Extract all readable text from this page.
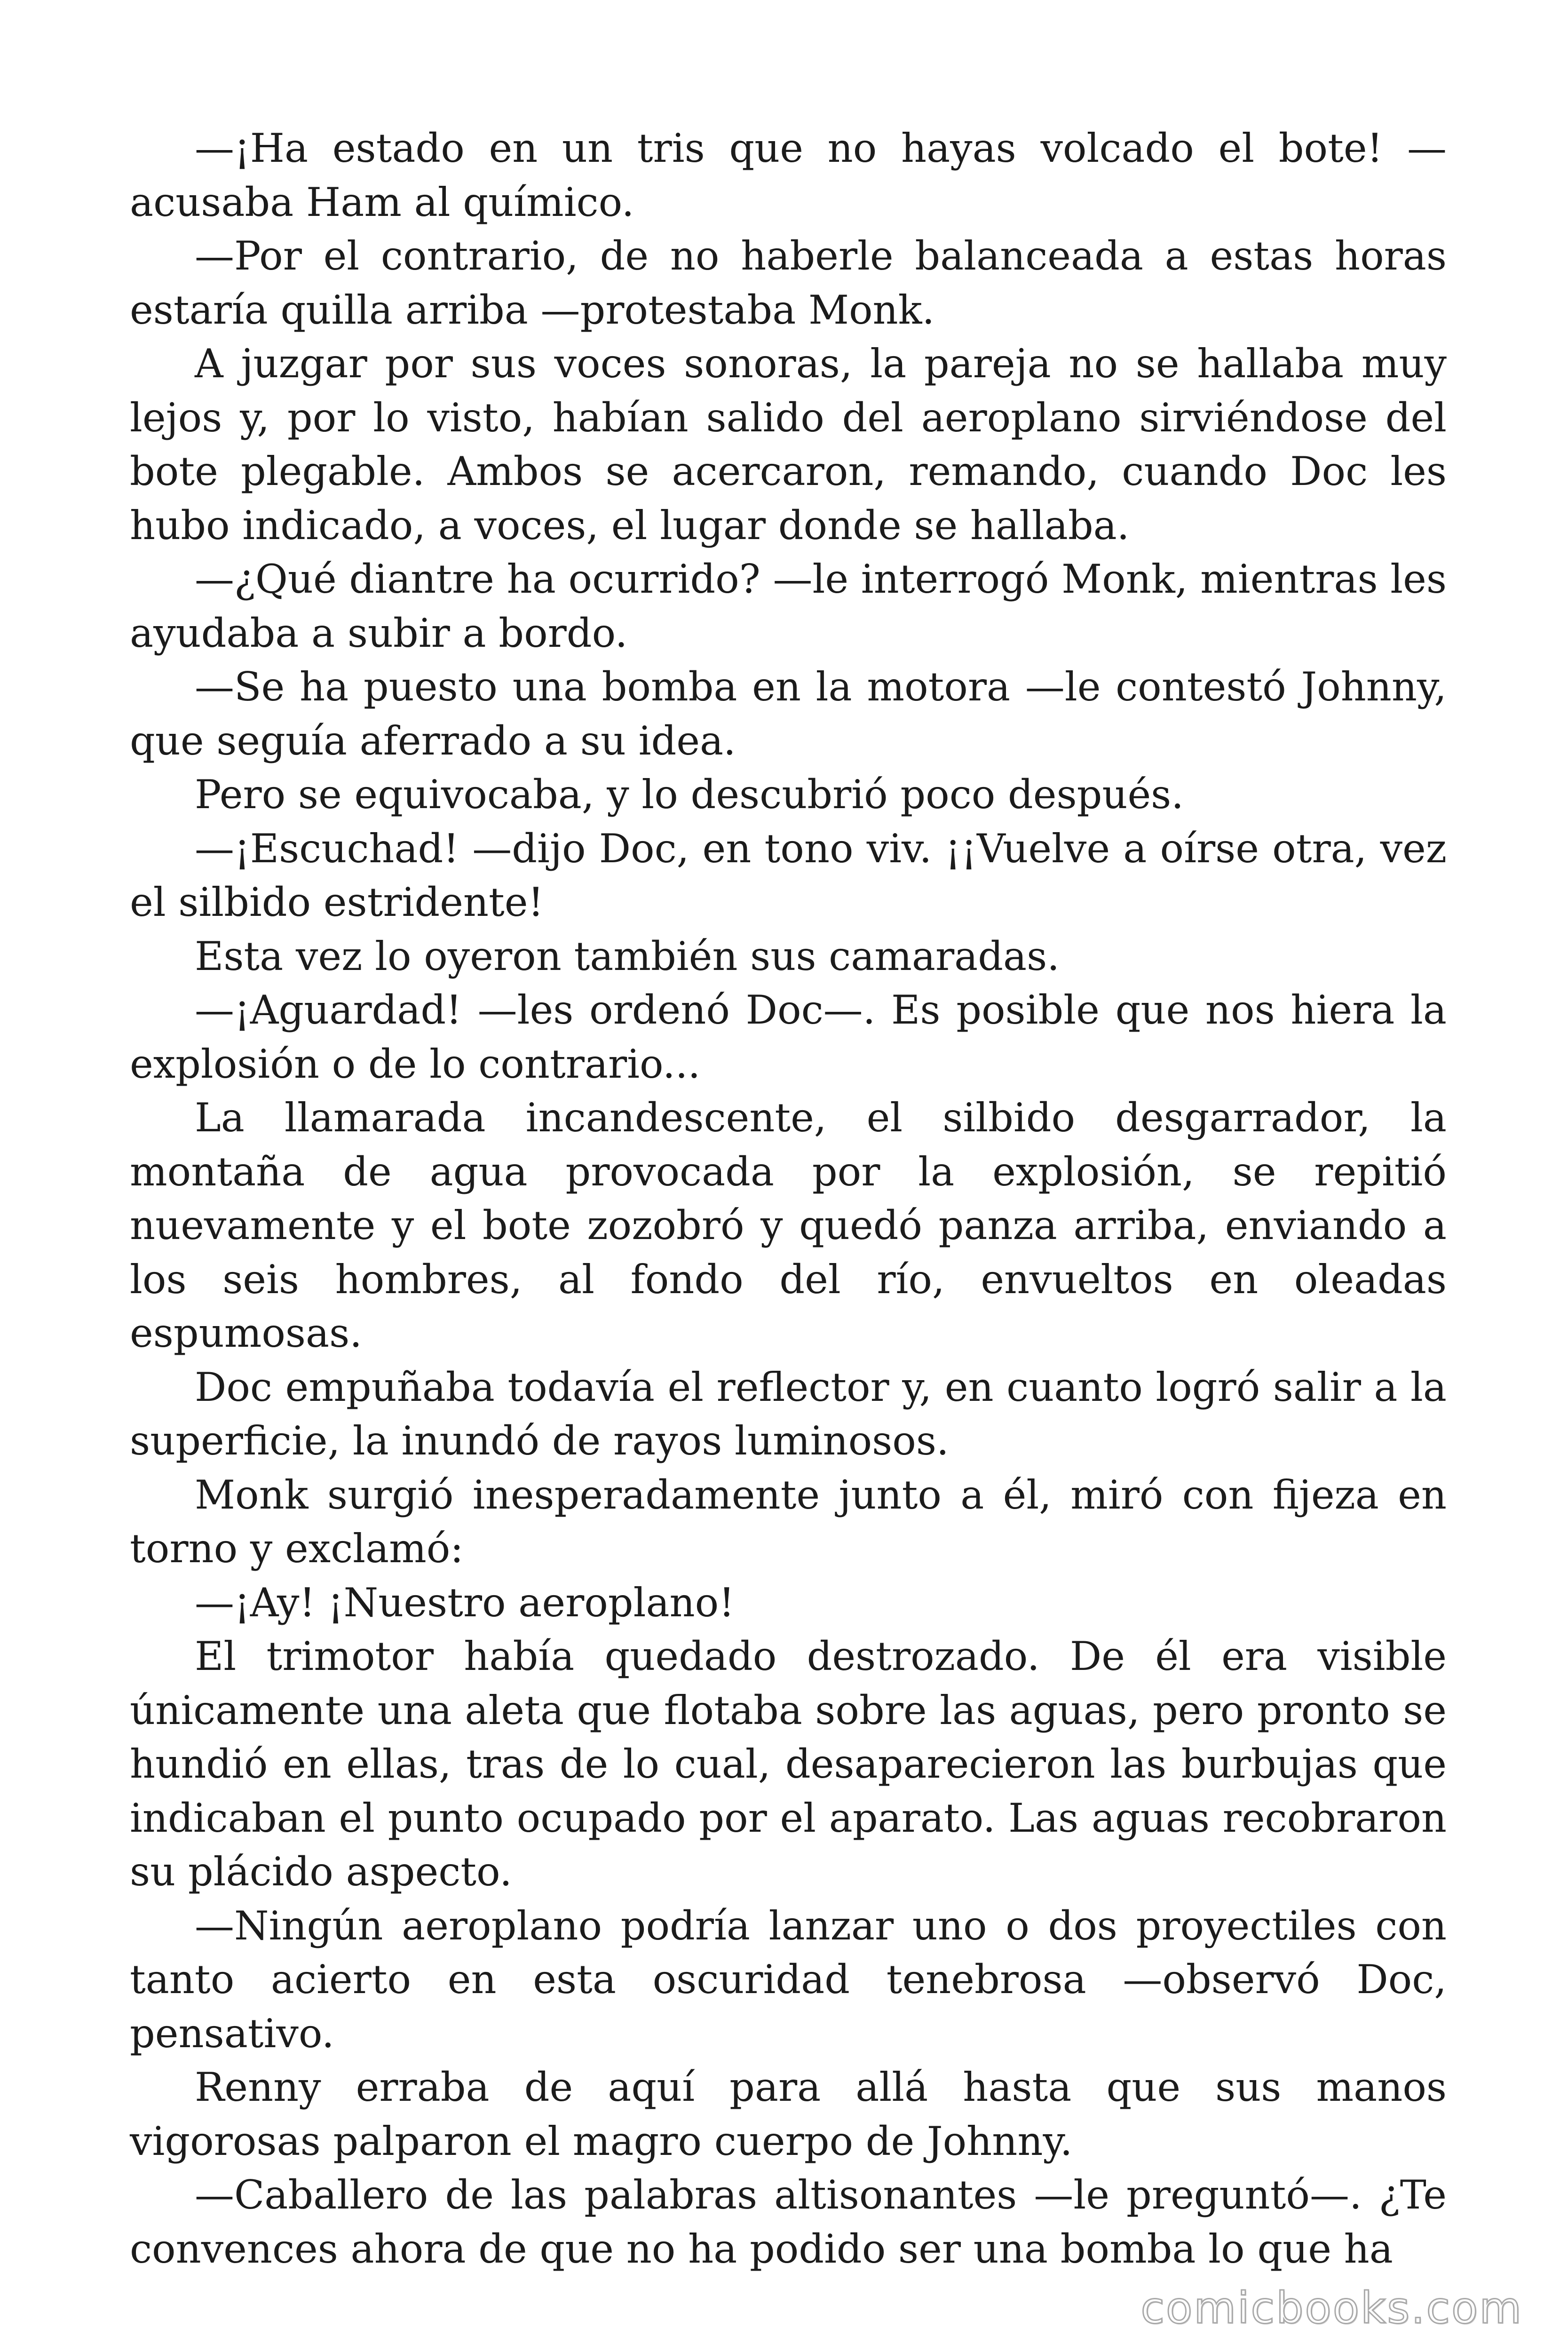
—¡Ha estado en un tris que no hayas volcado el bote! —acusaba Ham al químico.

—Por el contrario, de no haberle balanceada a estas horas estaría quilla arriba —protestaba Monk.

A juzgar por sus voces sonoras, la pareja no se hallaba muy lejos y, por lo visto, habían salido del aeroplano sirviéndose del bote plegable. Ambos se acercaron, remando, cuando Doc les hubo indicado, a voces, el lugar donde se hallaba.

—¿Qué diantre ha ocurrido? —le interrogó Monk, mientras les ayudaba a subir a bordo.

—Se ha puesto una bomba en la motora —le contestó Johnny, que seguía aferrado a su idea.

Pero se equivocaba, y lo descubrió poco después.

—¡Escuchad! —dijo Doc, en tono viv. ¡¡Vuelve a oírse otra, vez el silbido estridente!

Esta vez lo oyeron también sus camaradas.

—¡Aguardad! —les ordenó Doc—. Es posible que nos hiera la explosión o de lo contrario...

La llamarada incandescente, el silbido desgarrador, la montaña de agua provocada por la explosión, se repitió nuevamente y el bote zozobró y quedó panza arriba, enviando a los seis hombres, al fondo del río, envueltos en oleadas espumosas.

Doc empuñaba todavía el reflector y, en cuanto logró salir a la superficie, la inundó de rayos luminosos.

Monk surgió inesperadamente junto a él, miró con fijeza en torno y exclamó:

—¡Ay! ¡Nuestro aeroplano!

El trimotor había quedado destrozado. De él era visible únicamente una aleta que flotaba sobre las aguas, pero pronto se hundió en ellas, tras de lo cual, desaparecieron las burbujas que indicaban el punto ocupado por el aparato. Las aguas recobraron su plácido aspecto.

—Ningún aeroplano podría lanzar uno o dos proyectiles con tanto acierto en esta oscuridad tenebrosa —observó Doc, pensativo.

Renny erraba de aquí para allá hasta que sus manos vigorosas palparon el magro cuerpo de Johnny.

—Caballero de las palabras altisonantes —le preguntó—. ¿Te convences ahora de que no ha podido ser una bomba lo que ha

comicbooks.com
